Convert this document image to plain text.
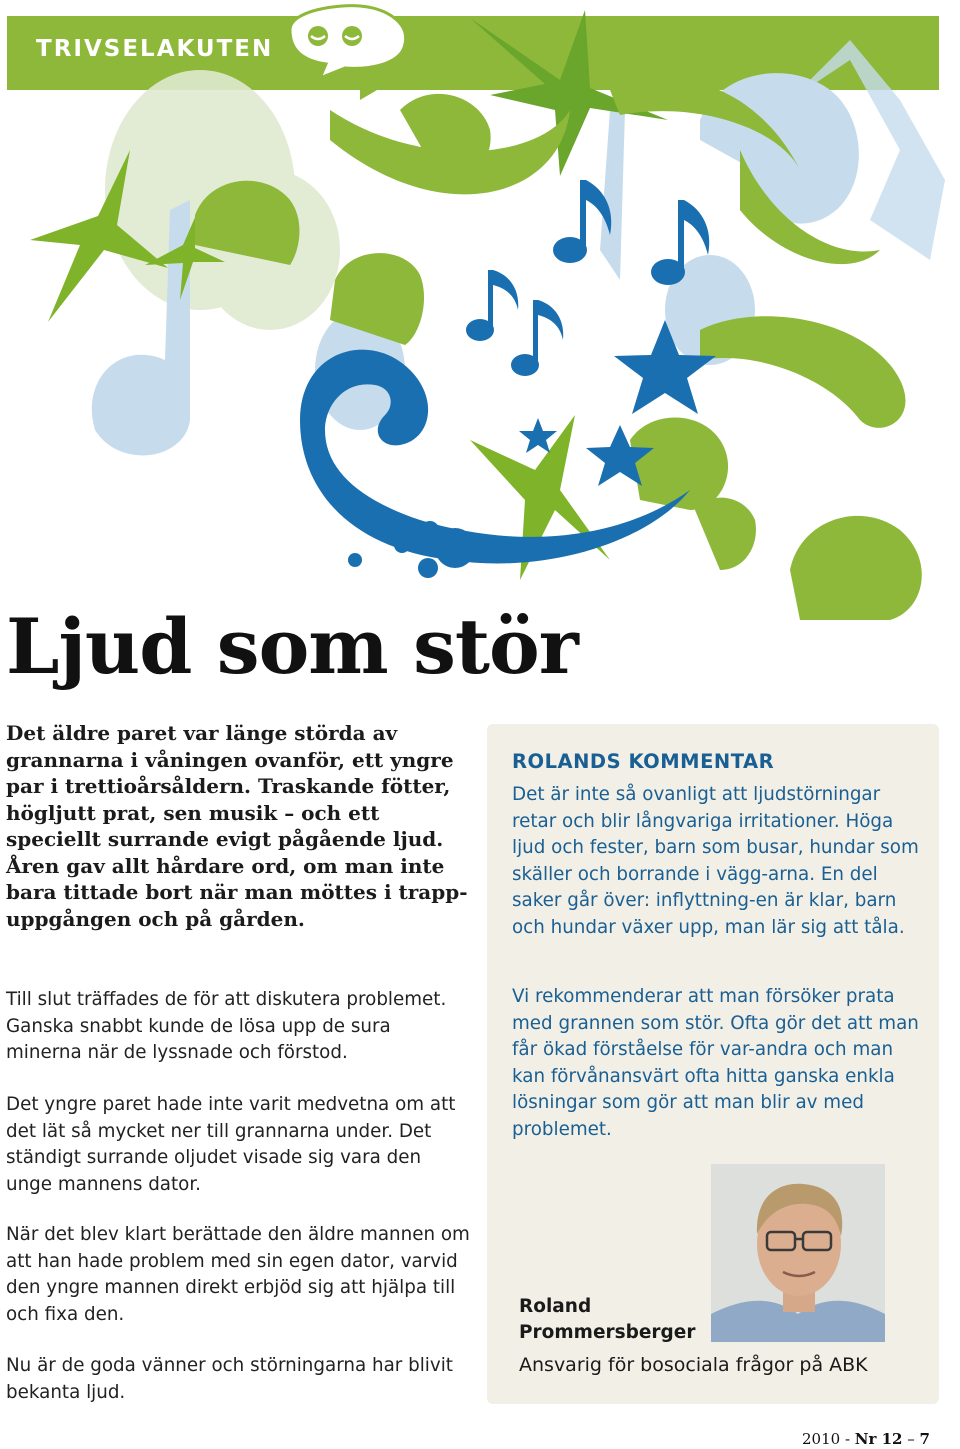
TRIVSELAKUTEN
Ljud som stör
Det äldre paret var länge störda av grannarna i våningen ovanför, ett yngre par i trettioårsåldern. Traskande fötter, högljutt prat, sen musik – och ett speciellt surrande evigt pågående ljud. Åren gav allt hårdare ord, om man inte bara tittade bort när man möttes i trapp-uppgången och på gården.

Till slut träffades de för att diskutera problemet. Ganska snabbt kunde de lösa upp de sura minerna när de lyssnade och förstod.

Det yngre paret hade inte varit medvetna om att det lät så mycket ner till grannarna under. Det ständigt surrande oljudet visade sig vara den unge mannens dator.

När det blev klart berättade den äldre mannen om att han hade problem med sin egen dator, varvid den yngre mannen direkt erbjöd sig att hjälpa till och fixa den.

Nu är de goda vänner och störningarna har blivit bekanta ljud.

ROLANDS KOMMENTAR

Det är inte så ovanligt att ljudstörningar retar och blir långvariga irritationer. Höga ljud och fester, barn som busar, hundar som skäller och borrande i vägg-arna. En del saker går över: inflyttning-en är klar, barn och hundar växer upp, man lär sig att tåla.

Vi rekommenderar att man försöker prata med grannen som stör. Ofta gör det att man får ökad förståelse för var-andra och man kan förvånansvärt ofta hitta ganska enkla lösningar som gör att man blir av med problemet.

Roland
Prommersberger
Ansvarig för bosociala frågor på ABK
2010 - Nr 12 – 7
